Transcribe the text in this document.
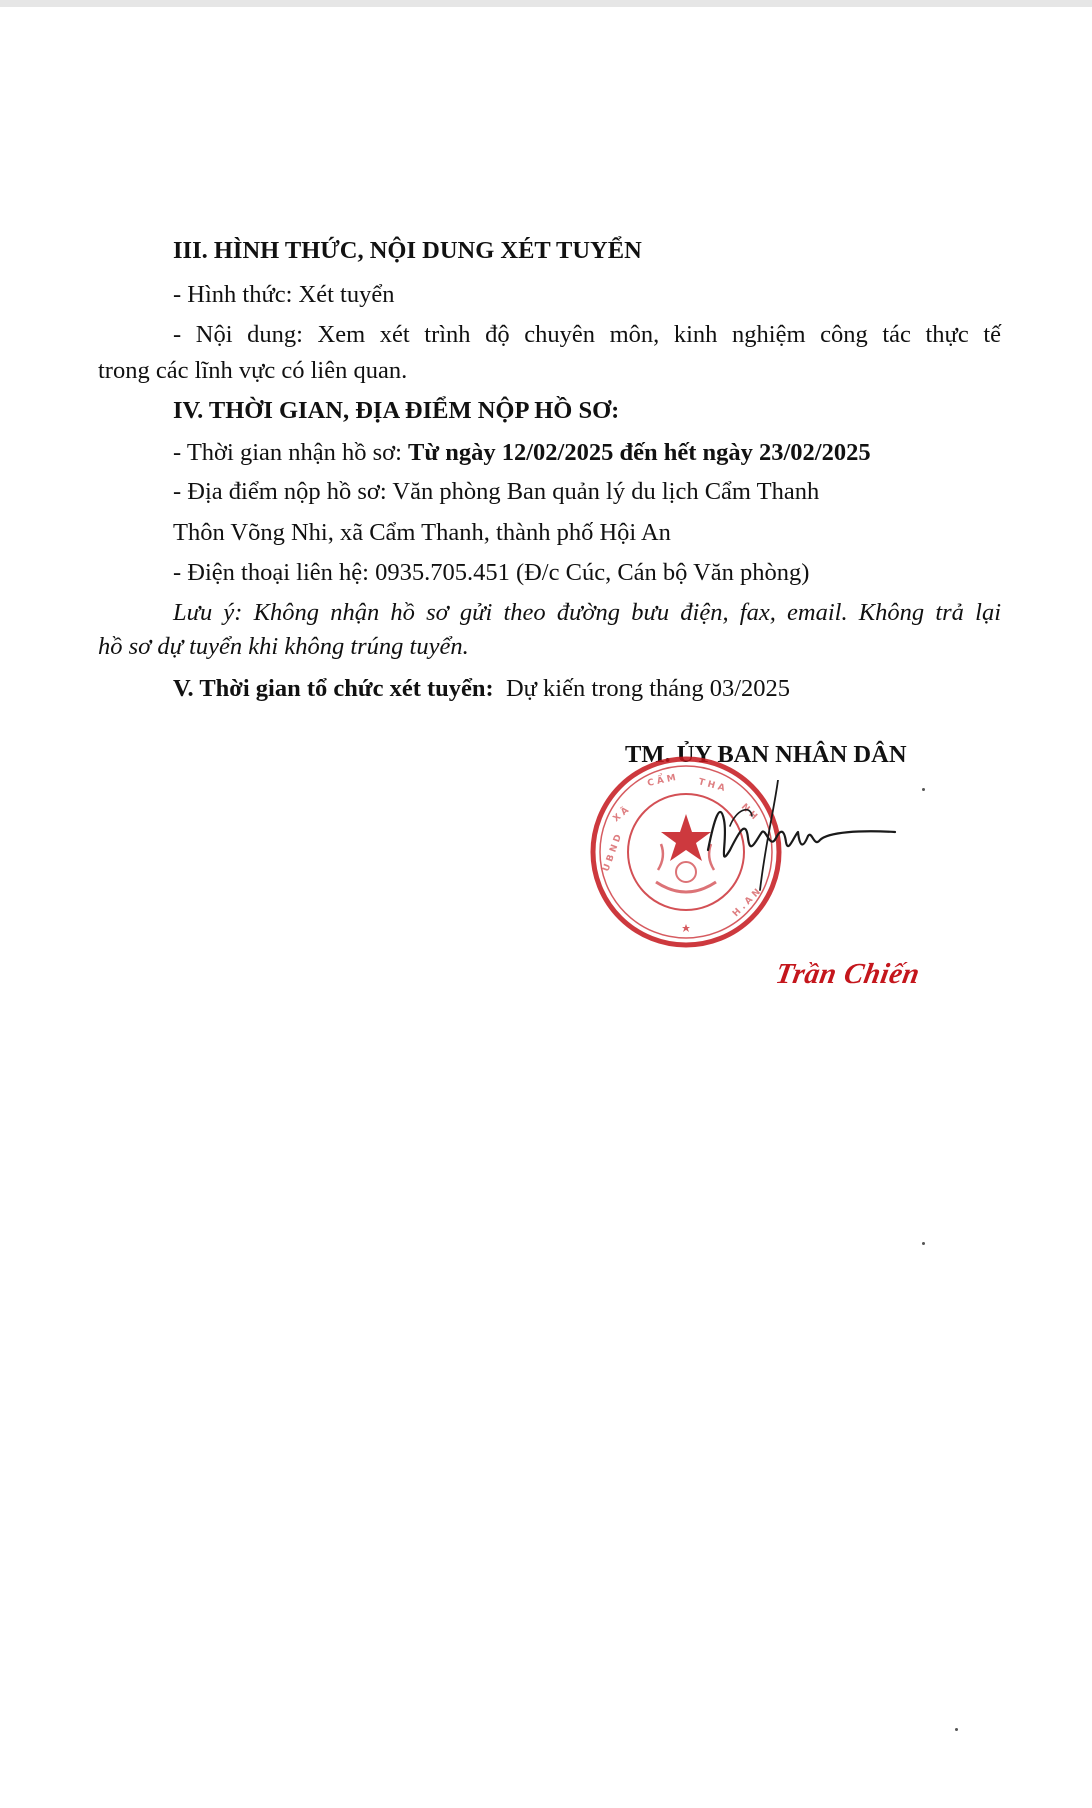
III. HÌNH THỨC, NỘI DUNG XÉT TUYỂN
- Hình thức: Xét tuyển
- Nội dung: Xem xét trình độ chuyên môn, kinh nghiệm công tác thực tế
trong các lĩnh vực có liên quan.
IV. THỜI GIAN, ĐỊA ĐIỂM NỘP HỒ SƠ:
- Thời gian nhận hồ sơ: Từ ngày 12/02/2025 đến hết ngày 23/02/2025
- Địa điểm nộp hồ sơ: Văn phòng Ban quản lý du lịch Cẩm Thanh
Thôn Võng Nhi, xã Cẩm Thanh, thành phố Hội An
- Điện thoại liên hệ: 0935.705.451 (Đ/c Cúc, Cán bộ Văn phòng)
Lưu ý: Không nhận hồ sơ gửi theo đường bưu điện, fax, email. Không trả lại
hồ sơ dự tuyển khi không trúng tuyển.
V. Thời gian tổ chức xét tuyển: Dự kiến trong tháng 03/2025
TM. ỦY BAN NHÂN DÂN
U B N D
X Ã
C Ẩ M T H A
N H
H . A N
Trần Chiến
